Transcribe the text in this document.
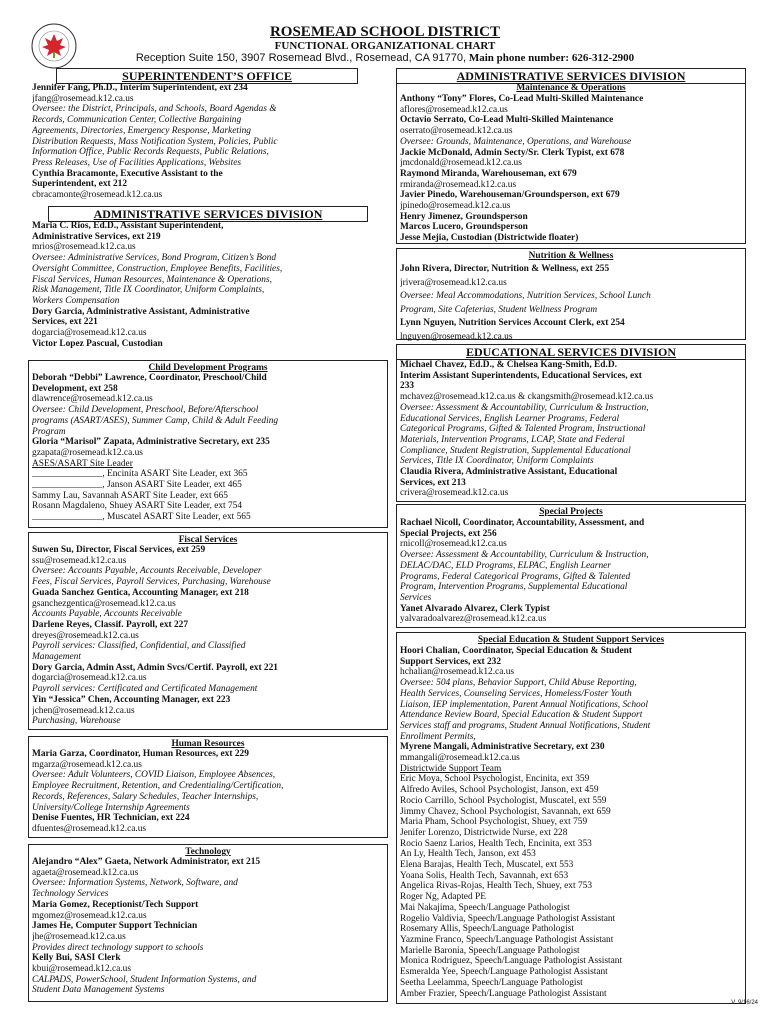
ROSEMEAD SCHOOL DISTRICT
FUNCTIONAL ORGANIZATIONAL CHART
Reception Suite 150, 3907 Rosemead Blvd., Rosemead, CA 91770, Main phone number: 626-312-2900
SUPERINTENDENT’S OFFICE
Jennifer Fang, Ph.D., Interim Superintendent, ext 234
jfang@rosemead.k12.ca.us
Oversee: the District, Principals, and Schools, Board Agendas &
Records, Communication Center, Collective Bargaining
Agreements, Directories, Emergency Response, Marketing
Distribution Requests, Mass Notification System, Policies, Public
Information Office, Public Records Requests, Public Relations,
Press Releases, Use of Facilities Applications, Websites
Cynthia Bracamonte, Executive Assistant to the
Superintendent, ext 212
cbracamonte@rosemead.k12.ca.us
ADMINISTRATIVE SERVICES DIVISION
Maria C. Rios, Ed.D., Assistant Superintendent,
Administrative Services, ext 219
mrios@rosemead.k12.ca.us
Oversee: Administrative Services, Bond Program, Citizen’s Bond
Oversight Committee, Construction, Employee Benefits, Facilities,
Fiscal Services, Human Resources, Maintenance & Operations,
Risk Management, Title IX Coordinator, Uniform Complaints,
Workers Compensation
Dory Garcia, Administrative Assistant, Administrative
Services, ext 221
dogarcia@rosemead.k12.ca.us
Victor Lopez Pascual, Custodian
Child Development Programs
Deborah “Debbi” Lawrence, Coordinator, Preschool/Child
Development, ext 258
dlawrence@rosemead.k12.ca.us
Oversee: Child Development, Preschool, Before/Afterschool
programs (ASART/ASES), Summer Camp, Child & Adult Feeding
Program
Gloria “Marisol” Zapata, Administrative Secretary, ext 235
gzapata@rosemead.k12.ca.us
ASES/ASART Site Leader
_______________, Encinita ASART Site Leader, ext 365
_______________, Janson ASART Site Leader, ext 465
Sammy Lau, Savannah ASART Site Leader, ext 665
Rosann Magdaleno, Shuey ASART Site Leader, ext 754
_______________, Muscatel ASART Site Leader, ext 565
Fiscal Services
Suwen Su, Director, Fiscal Services, ext 259
ssu@rosemead.k12.ca.us
Oversee: Accounts Payable, Accounts Receivable, Developer
Fees, Fiscal Services, Payroll Services, Purchasing, Warehouse
Guada Sanchez Gentica, Accounting Manager, ext 218
gsanchezgentica@rosemead.k12.ca.us
Accounts Payable, Accounts Receivable
Darlene Reyes, Classif. Payroll, ext 227
dreyes@rosemead.k12.ca.us
Payroll services: Classified, Confidential, and Classified
Management
Dory Garcia, Admin Asst, Admin Svcs/Certif. Payroll, ext 221
dogarcia@rosemead.k12.ca.us
Payroll services: Certificated and Certificated Management
Yin “Jessica” Chen, Accounting Manager, ext 223
jchen@rosemead.k12.ca.us
Purchasing, Warehouse
Human Resources
Maria Garza, Coordinator, Human Resources, ext 229
mgarza@rosemead.k12.ca.us
Oversee: Adult Volunteers, COVID Liaison, Employee Absences,
Employee Recruitment, Retention, and Credentialing/Certification,
Records, References, Salary Schedules, Teacher Internships,
University/College Internship Agreements
Denise Fuentes, HR Technician, ext 224
dfuentes@rosemead.k12.ca.us
Technology
Alejandro “Alex” Gaeta, Network Administrator, ext 215
agaeta@rosemead.k12.ca.us
Oversee: Information Systems, Network, Software, and
Technology Services
Maria Gomez, Receptionist/Tech Support
mgomez@rosemead.k12.ca.us
James He, Computer Support Technician
jhe@rosemead.k12.ca.us
Provides direct technology support to schools
Kelly Bui, SASI Clerk
kbui@rosemead.k12.ca.us
CALPADS, PowerSchool, Student Information Systems, and
Student Data Management Systems
ADMINISTRATIVE SERVICES DIVISION
Maintenance & Operations
Anthony “Tony” Flores, Co-Lead Multi-Skilled Maintenance
aflores@rosemead.k12.ca.us
Octavio Serrato, Co-Lead Multi-Skilled Maintenance
oserrato@rosemead.k12.ca.us
Oversee: Grounds, Maintenance, Operations, and Warehouse
Jackie McDonald, Admin Secty/Sr. Clerk Typist, ext 678
jmcdonald@rosemead.k12.ca.us
Raymond Miranda, Warehouseman, ext 679
rmiranda@rosemead.k12.ca.us
Javier Pinedo, Warehouseman/Groundsperson, ext 679
jpinedo@rosemead.k12.ca.us
Henry Jimenez, Groundsperson
Marcos Lucero, Groundsperson
Jesse Mejia, Custodian (Districtwide floater)
Nutrition & Wellness
John Rivera, Director, Nutrition & Wellness, ext 255
jrivera@rosemead.k12.ca.us
Oversee: Meal Accommodations, Nutrition Services, School Lunch
Program, Site Cafeterias, Student Wellness Program
Lynn Nguyen, Nutrition Services Account Clerk, ext 254
lnguyen@rosemead.k12.ca.us
EDUCATIONAL SERVICES DIVISION
Michael Chavez, Ed.D., & Chelsea Kang-Smith, Ed.D.
Interim Assistant Superintendents, Educational Services, ext
233
mchavez@rosemead.k12.ca.us & ckangsmith@rosemead.k12.ca.us
Oversee: Assessment & Accountability, Curriculum & Instruction,
Educational Services, English Learner Programs, Federal
Categorical Programs, Gifted & Talented Program, Instructional
Materials, Intervention Programs, LCAP, State and Federal
Compliance, Student Registration, Supplemental Educational
Services, Title IX Coordinator, Uniform Complaints
Claudia Rivera, Administrative Assistant, Educational
Services, ext 213
crivera@rosemead.k12.ca.us
Special Projects
Rachael Nicoll, Coordinator, Accountability, Assessment, and
Special Projects, ext 256
rnicoll@rosemead.k12.ca.us
Oversee: Assessment & Accountability, Curriculum & Instruction,
DELAC/DAC, ELD Programs, ELPAC, English Learner
Programs, Federal Categorical Programs, Gifted & Talented
Program, Intervention Programs, Supplemental Educational
Services
Yanet Alvarado Alvarez, Clerk Typist
yalvaradoalvarez@rosemead.k12.ca.us
Special Education & Student Support Services
Hoori Chalian, Coordinator, Special Education & Student
Support Services, ext 232
hchalian@rosemead.k12.ca.us
Oversee: 504 plans, Behavior Support, Child Abuse Reporting,
Health Services, Counseling Services, Homeless/Foster Youth
Liaison, IEP implementation, Parent Annual Notifications, School
Attendance Review Board, Special Education & Student Support
Services staff and programs, Student Annual Notifications, Student
Enrollment Permits,
Myrene Mangali, Administrative Secretary, ext 230
mmangali@rosemead.k12.ca.us
Districtwide Support Team
Eric Moya, School Psychologist, Encinita, ext 359
Alfredo Aviles, School Psychologist, Janson, ext 459
Rocio Carrillo, School Psychologist, Muscatel, ext 559
Jimmy Chavez, School Psychologist, Savannah, ext 659
Maria Pham, School Psychologist, Shuey, ext 759
Jenifer Lorenzo, Districtwide Nurse, ext 228
Rocio Saenz Larios, Health Tech, Encinita, ext 353
An Ly, Health Tech, Janson, ext 453
Elena Barajas, Health Tech, Muscatel, ext 553
Yoana Solis, Health Tech, Savannah, ext 653
Angelica Rivas-Rojas, Health Tech, Shuey, ext 753
Roger Ng, Adapted PE
Mai Nakajima, Speech/Language Pathologist
Rogelio Valdivia, Speech/Language Pathologist Assistant
Rosemary Allis, Speech/Language Pathologist
Yazmine Franco, Speech/Language Pathologist Assistant
Marielle Baronia, Speech/Language Pathologist
Monica Rodriguez, Speech/Language Pathologist Assistant
Esmeralda Yee, Speech/Language Pathologist Assistant
Seetha Leelamma, Speech/Language Pathologist
Amber Frazier, Speech/Language Pathologist Assistant
V. 9/16/24
